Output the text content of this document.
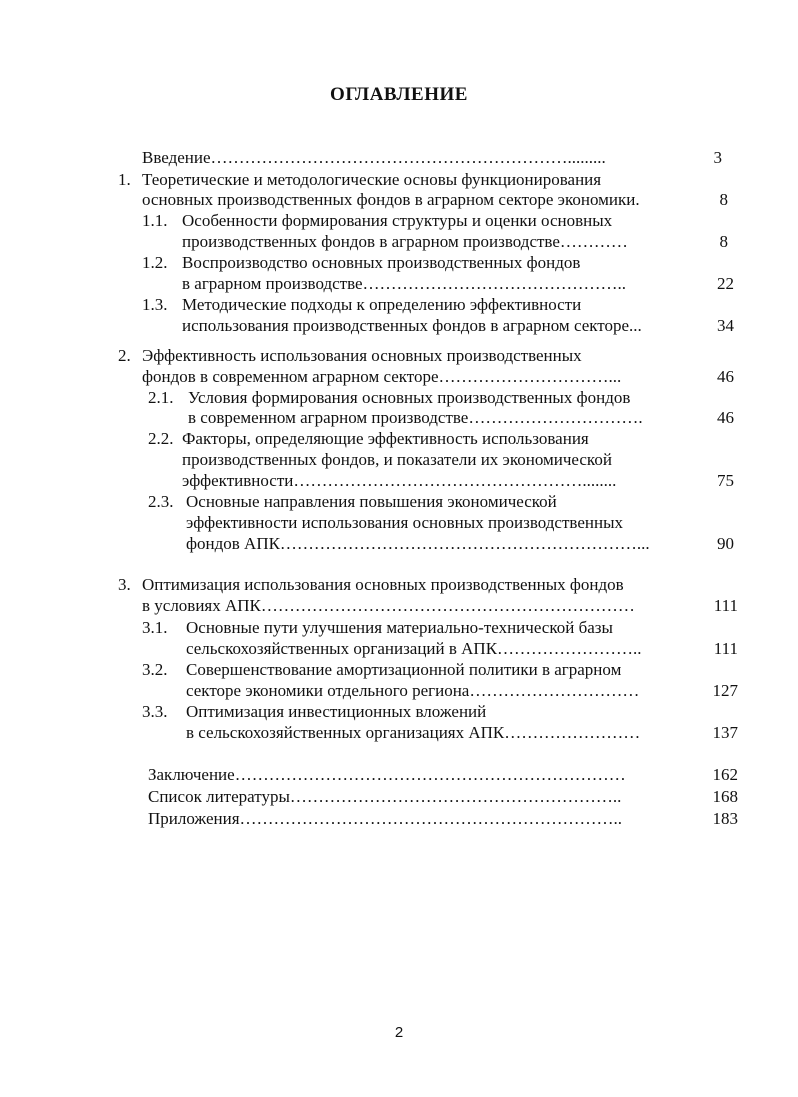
ОГЛАВЛЕНИЕ
Введение……………………………………………………….........	3
1. Теоретические и методологические основы функционирования
основных производственных фондов в аграрном секторе экономики.	8
1.1. Особенности формирования структуры и оценки основных
производственных фондов в аграрном производстве…………	8
1.2. Воспроизводство основных производственных фондов
в аграрном производстве………………………………………..	22
1.3. Методические подходы к определению эффективности
использования производственных фондов в аграрном секторе...	34
2. Эффективность использования основных производственных
фондов в современном аграрном секторе…………………………...	46
2.1. Условия формирования основных производственных фондов
в современном аграрном производстве………………………….	46
2.2. Факторы, определяющие эффективность использования
производственных фондов, и показатели их экономической
эффективности……………………………………………........	75
2.3. Основные направления повышения экономической
эффективности использования основных производственных
фондов АПК………………………………………………………...	90
3. Оптимизация использования основных производственных фондов
в условиях АПК…………………………………………………………	111
3.1. Основные пути улучшения материально-технической базы
сельскохозяйственных организаций в АПК……………………..	111
3.2. Совершенствование амортизационной политики в аграрном
секторе экономики отдельного региона…………………………	127
3.3. Оптимизация инвестиционных вложений
в сельскохозяйственных организациях АПК……………………	137
Заключение……………………………………………………………	162
Список литературы…………………………………………………..	168
Приложения…………………………………………………………..	183
2
